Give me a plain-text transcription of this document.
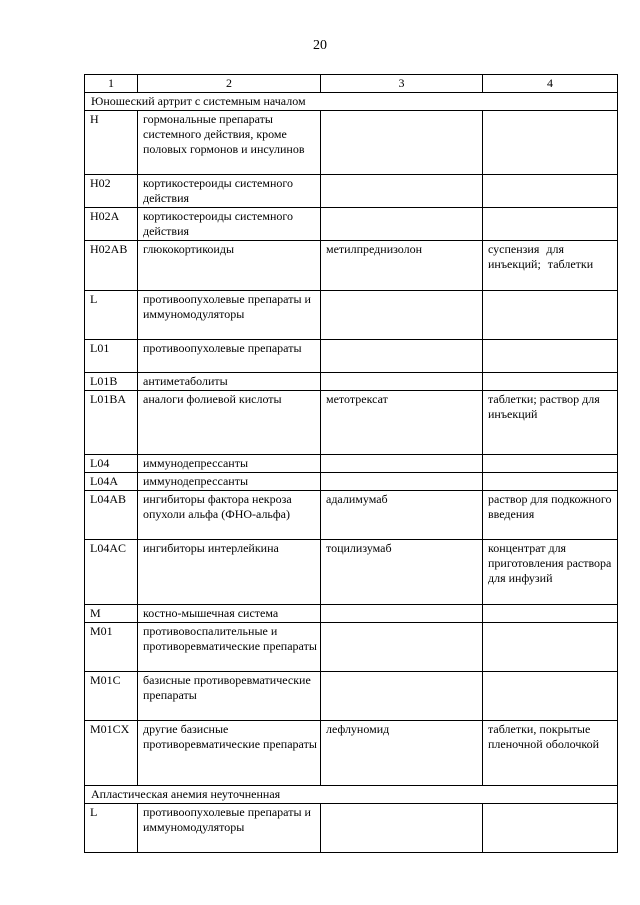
20
1	2	3	4
Юношеский артрит с системным началом			
H	гормональные препараты системного действия, кроме половых гормонов и инсулинов		
H02	кортикостероиды системного действия		
H02A	кортикостероиды системного действия		
H02AB	глюкокортикоиды	метилпреднизолон	суспензия для инъекций; таблетки
L	противоопухолевые препараты и иммуномодуляторы		
L01	противоопухолевые препараты		
L01B	антиметаболиты		
L01BA	аналоги фолиевой кислоты	метотрексат	таблетки; раствор для инъекций
L04	иммунодепрессанты		
L04A	иммунодепрессанты		
L04AB	ингибиторы фактора некроза опухоли альфа (ФНО-альфа)	адалимумаб	раствор для подкожного введения
L04AC	ингибиторы интерлейкина	тоцилизумаб	концентрат для приготовления раствора для инфузий
M	костно-мышечная система		
M01	противовоспалительные и противоревматические препараты		
M01C	базисные противоревматические препараты		
M01CX	другие базисные противоревматические препараты	лефлуномид	таблетки, покрытые пленочной оболочкой
Апластическая анемия неуточненная			
L	противоопухолевые препараты и иммуномодуляторы		
